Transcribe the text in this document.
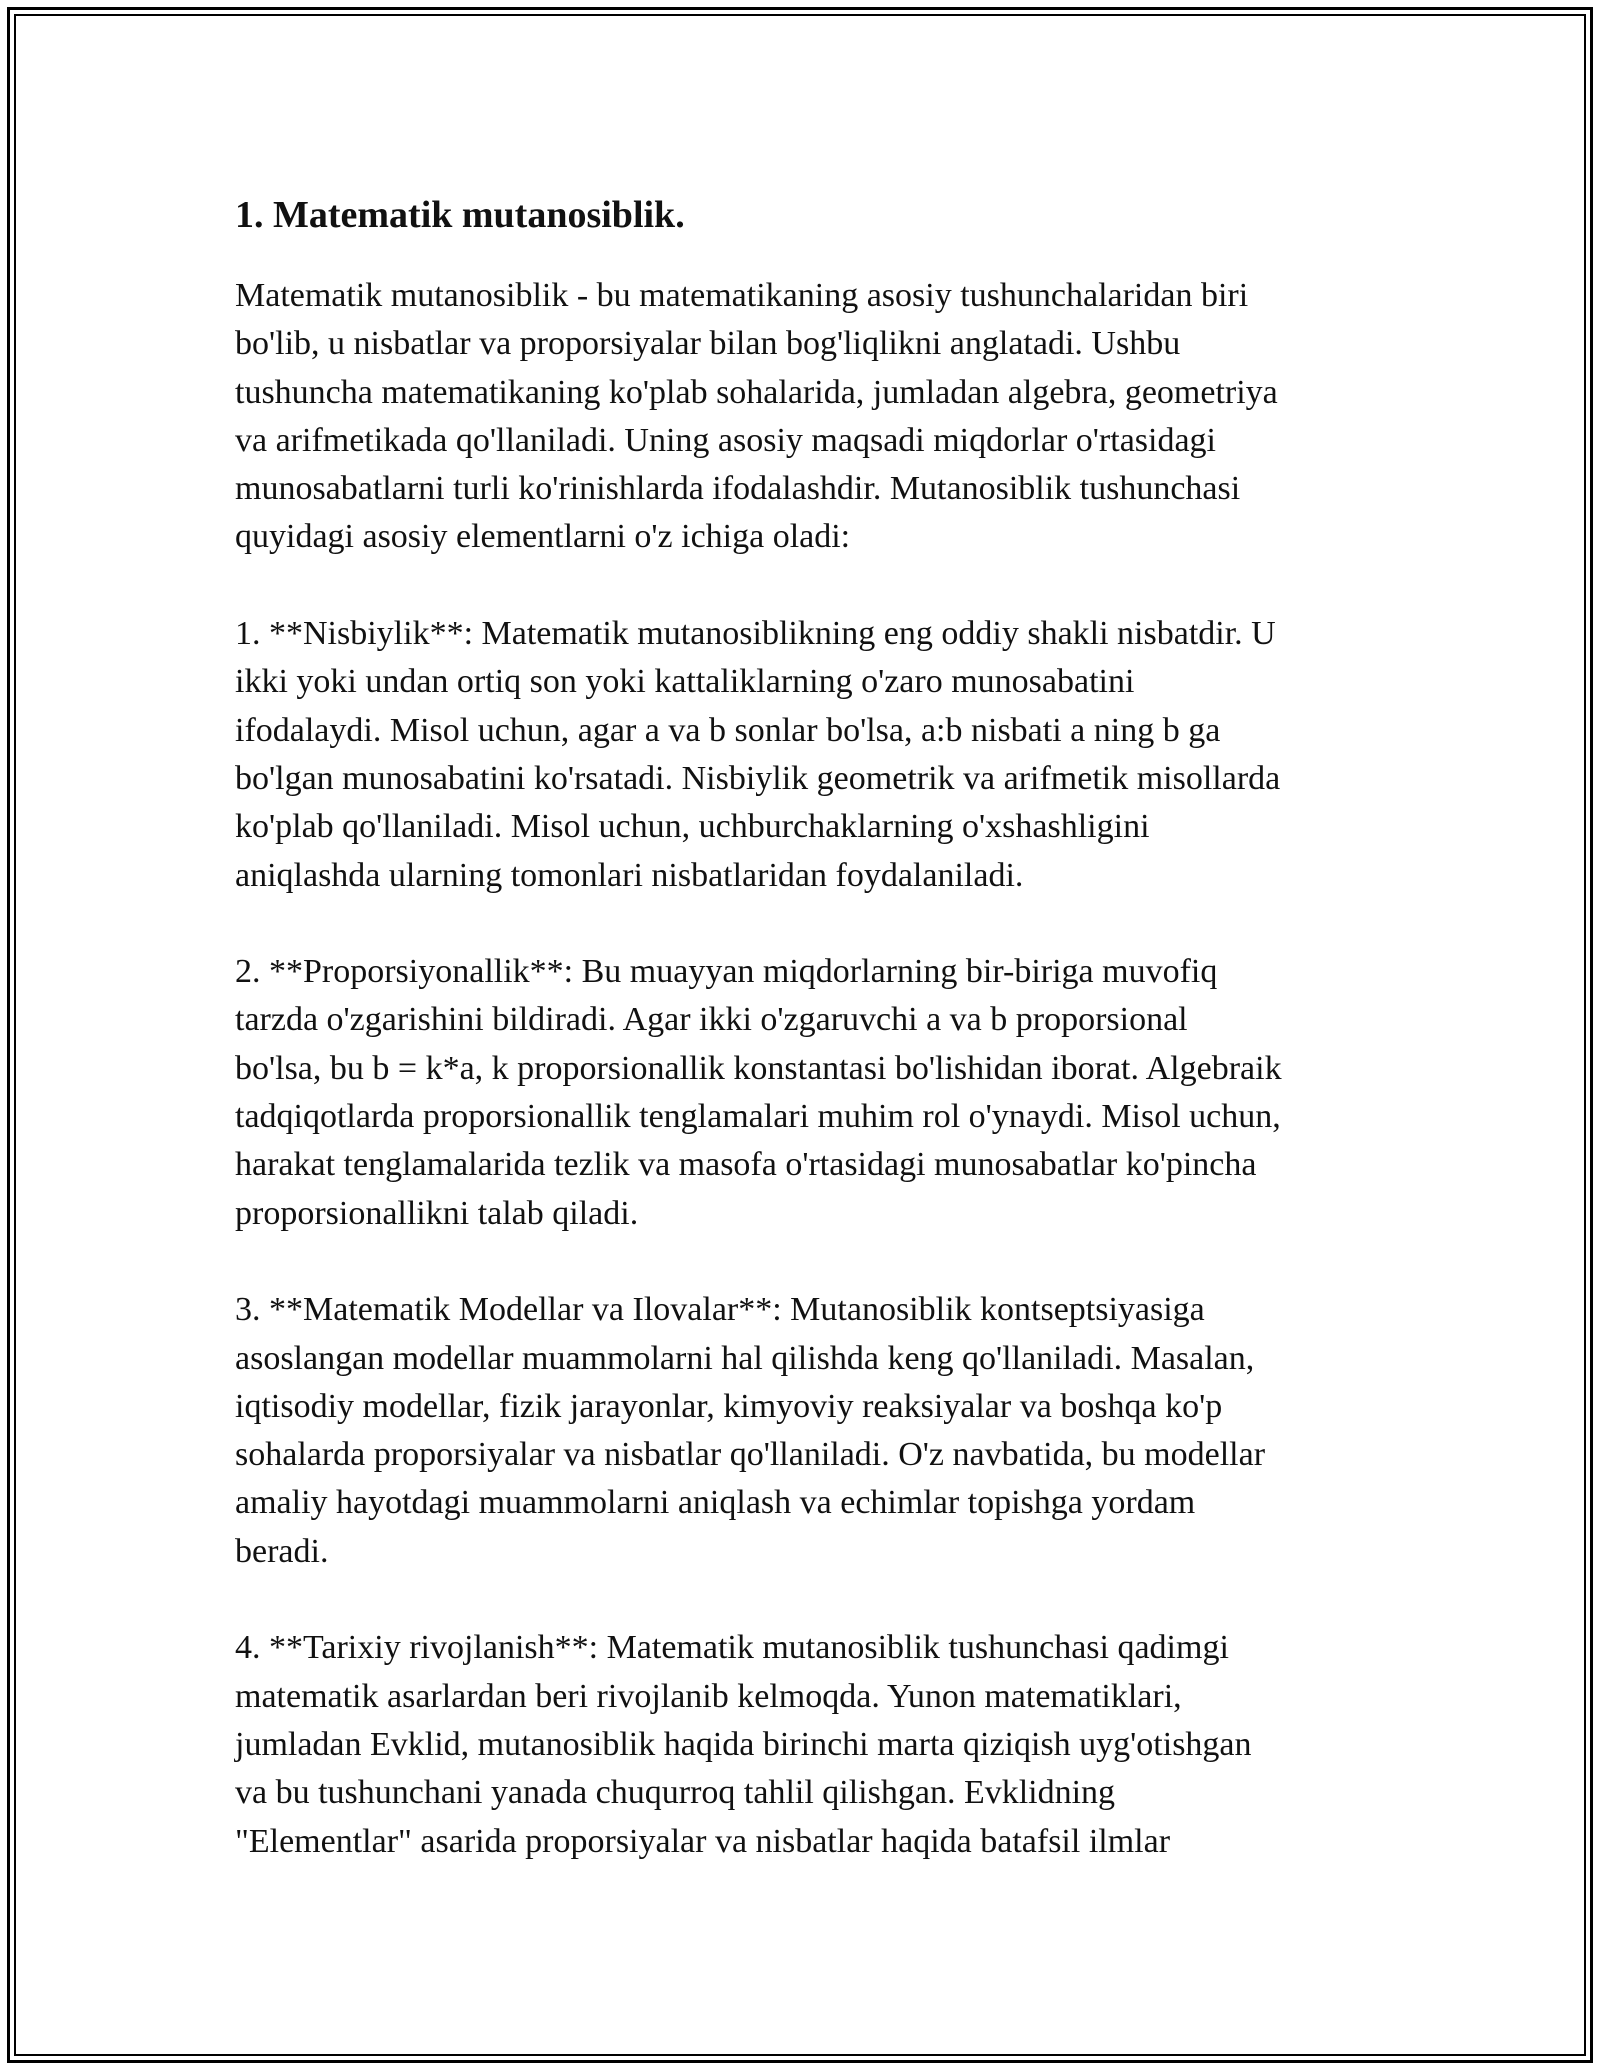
1. Matematik mutanosiblik.

Matematik mutanosiblik - bu matematikaning asosiy tushunchalaridan biri
bo'lib, u nisbatlar va proporsiyalar bilan bog'liqlikni anglatadi. Ushbu
tushuncha matematikaning ko'plab sohalarida, jumladan algebra, geometriya
va arifmetikada qo'llaniladi. Uning asosiy maqsadi miqdorlar o'rtasidagi
munosabatlarni turli ko'rinishlarda ifodalashdir. Mutanosiblik tushunchasi
quyidagi asosiy elementlarni o'z ichiga oladi:

1. **Nisbiylik**: Matematik mutanosiblikning eng oddiy shakli nisbatdir. U
ikki yoki undan ortiq son yoki kattaliklarning o'zaro munosabatini
ifodalaydi. Misol uchun, agar a va b sonlar bo'lsa, a:b nisbati a ning b ga
bo'lgan munosabatini ko'rsatadi. Nisbiylik geometrik va arifmetik misollarda
ko'plab qo'llaniladi. Misol uchun, uchburchaklarning o'xshashligini
aniqlashda ularning tomonlari nisbatlaridan foydalaniladi.

2. **Proporsiyonallik**: Bu muayyan miqdorlarning bir-biriga muvofiq
tarzda o'zgarishini bildiradi. Agar ikki o'zgaruvchi a va b proporsional
bo'lsa, bu b = k*a, k proporsionallik konstantasi bo'lishidan iborat. Algebraik
tadqiqotlarda proporsionallik tenglamalari muhim rol o'ynaydi. Misol uchun,
harakat tenglamalarida tezlik va masofa o'rtasidagi munosabatlar ko'pincha
proporsionallikni talab qiladi.

3. **Matematik Modellar va Ilovalar**: Mutanosiblik kontseptsiyasiga
asoslangan modellar muammolarni hal qilishda keng qo'llaniladi. Masalan,
iqtisodiy modellar, fizik jarayonlar, kimyoviy reaksiyalar va boshqa ko'p
sohalarda proporsiyalar va nisbatlar qo'llaniladi. O'z navbatida, bu modellar
amaliy hayotdagi muammolarni aniqlash va echimlar topishga yordam
beradi.

4. **Tarixiy rivojlanish**: Matematik mutanosiblik tushunchasi qadimgi
matematik asarlardan beri rivojlanib kelmoqda. Yunon matematiklari,
jumladan Evklid, mutanosiblik haqida birinchi marta qiziqish uyg'otishgan
va bu tushunchani yanada chuqurroq tahlil qilishgan. Evklidning
"Elementlar" asarida proporsiyalar va nisbatlar haqida batafsil ilmlar
